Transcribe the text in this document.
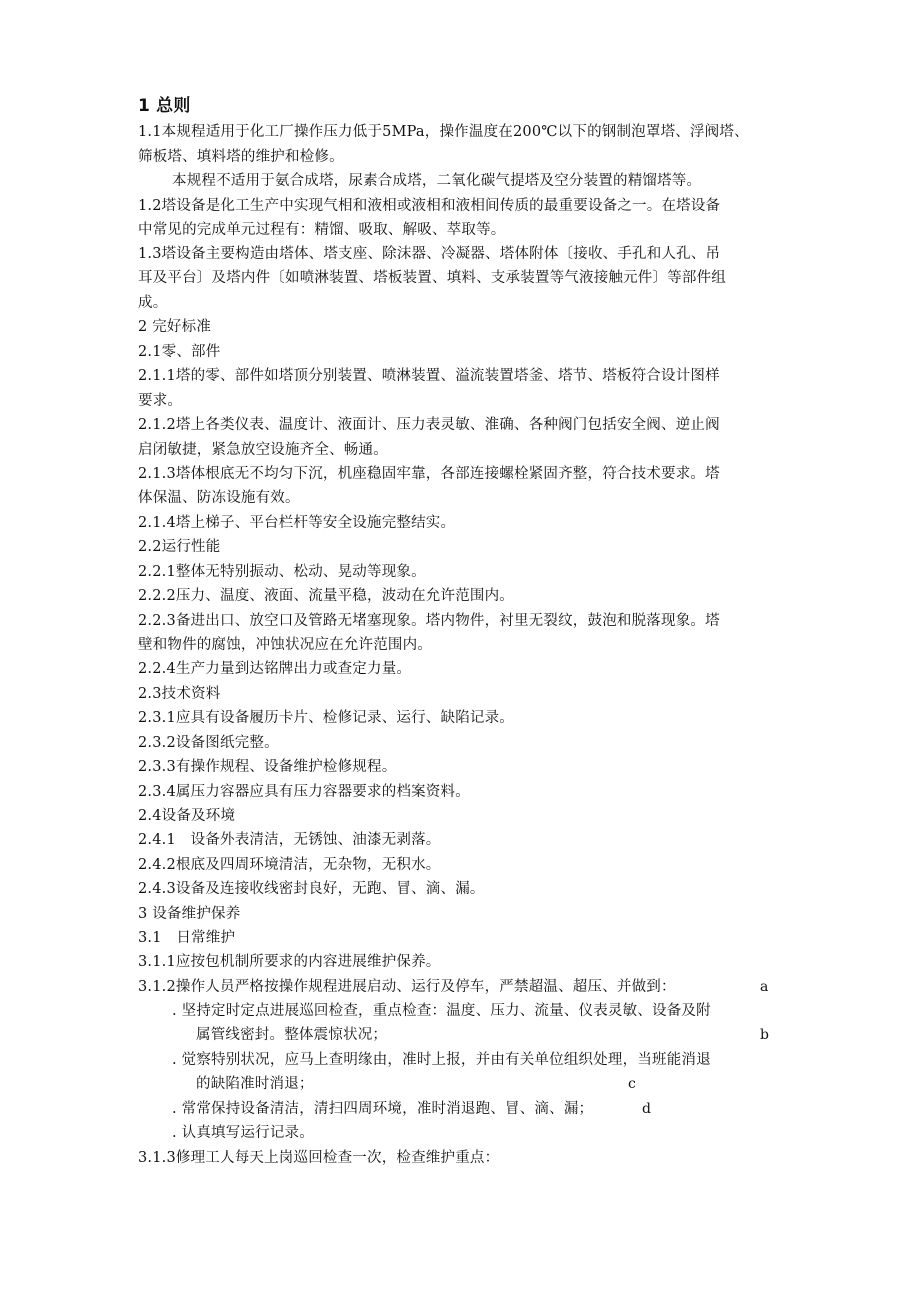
1 总则
1.1本规程适用于化工厂操作压力低于5MPa，操作温度在200℃以下的钢制泡罩塔、浮阀塔、
筛板塔、填料塔的维护和检修。
本规程不适用于氨合成塔，尿素合成塔，二氧化碳气提塔及空分装置的精馏塔等。
1.2塔设备是化工生产中实现气相和液相或液相和液相间传质的最重要设备之一。在塔设备
中常见的完成单元过程有：精馏、吸取、解吸、萃取等。
1.3塔设备主要构造由塔体、塔支座、除沫器、冷凝器、塔体附体〔接收、手孔和人孔、吊
耳及平台〕及塔内件〔如喷淋装置、塔板装置、填料、支承装置等气液接触元件〕等部件组
成。
2 完好标准
2.1零、部件
2.1.1塔的零、部件如塔顶分别装置、喷淋装置、溢流装置塔釜、塔节、塔板符合设计图样
要求。
2.1.2塔上各类仪表、温度计、液面计、压力表灵敏、淮确、各种阀门包括安全阀、逆止阀
启闭敏捷，紧急放空设施齐全、畅通。
2.1.3塔体根底无不均匀下沉，机座稳固牢靠，各部连接螺栓紧固齐整，符合技术要求。塔
体保温、防冻设施有效。
2.1.4塔上梯子、平台栏杆等安全设施完整结实。
2.2运行性能
2.2.1整体无特别振动、松动、晃动等现象。
2.2.2压力、温度、液面、流量平稳，波动在允许范围内。
2.2.3备进出口、放空口及管路无堵塞现象。塔内物件，衬里无裂纹，鼓泡和脱落现象。塔
壁和物件的腐蚀，冲蚀状况应在允许范围内。
2.2.4生产力量到达铭牌出力或查定力量。
2.3技术资料
2.3.1应具有设备履历卡片、检修记录、运行、缺陷记录。
2.3.2设备图纸完整。
2.3.3有操作规程、设备维护检修规程。
2.3.4属压力容器应具有压力容器要求的档案资料。
2.4设备及环境
2.4.1　设备外表清洁，无锈蚀、油漆无剥落。
2.4.2根底及四周环境清洁，无杂物，无积水。
2.4.3设备及连接收线密封良好，无跑、冒、滴、漏。
3 设备维护保养
3.1　日常维护
3.1.1应按包机制所要求的内容进展维护保养。
3.1.2操作人员严格按操作规程进展启动、运行及停车，严禁超温、超压、并做到：	a
. 坚持定时定点进展巡回检查，重点检查：温度、压力、流量、仪表灵敏、设备及附
属管线密封。整体震惊状况；	b
. 觉察特别状况，应马上查明缘由，准时上报，并由有关单位组织处理，当班能消退
的缺陷准时消退；	c
. 常常保持设备清洁，清扫四周环境，准时消退跑、冒、滴、漏；	d
. 认真填写运行记录。
3.1.3修理工人每天上岗巡回检查一次，检查维护重点：
